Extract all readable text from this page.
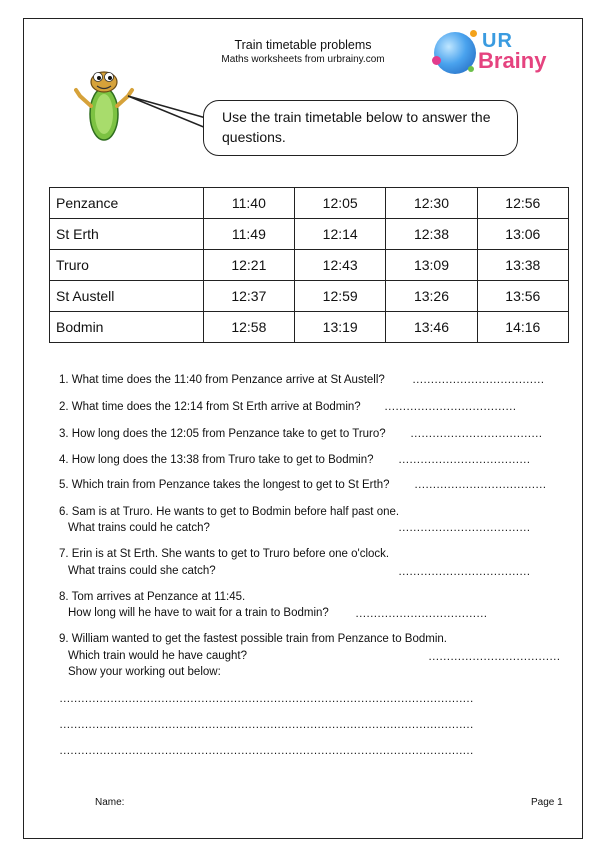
Train timetable problems
Maths worksheets from urbrainy.com
UR
Brainy
Use the train timetable below to answer the
questions.
Penzance	11:40	12:05	12:30	12:56
St Erth	11:49	12:14	12:38	13:06
Truro	12:21	12:43	13:09	13:38
St Austell	12:37	12:59	13:26	13:56
Bodmin	12:58	13:19	13:46	14:16
1. What time does the 11:40 from Penzance arrive at St Austell? ………………………………
2. What time does the 12:14 from St Erth arrive at Bodmin? ………………………………
3. How long does the 12:05 from Penzance take to get to Truro? ………………………………
4. How long does the 13:38 from Truro take to get to Bodmin? ………………………………
5. Which train from Penzance takes the longest to get to St Erth? ………………………………
6. Sam is at Truro. He wants to get to Bodmin before half past one.
What trains could he catch?	………………………………
7. Erin is at St Erth. She wants to get to Truro before one o'clock.
What trains could she catch?	………………………………
8. Tom arrives at Penzance at 11:45.
How long will he have to wait for a train to Bodmin? ………………………………
9. William wanted to get the fastest possible train from Penzance to Bodmin.
Which train would he have caught?	………………………………
Show your working out below:
……………………………………………………………………………………………………
……………………………………………………………………………………………………
……………………………………………………………………………………………………
Name:	Page 1
